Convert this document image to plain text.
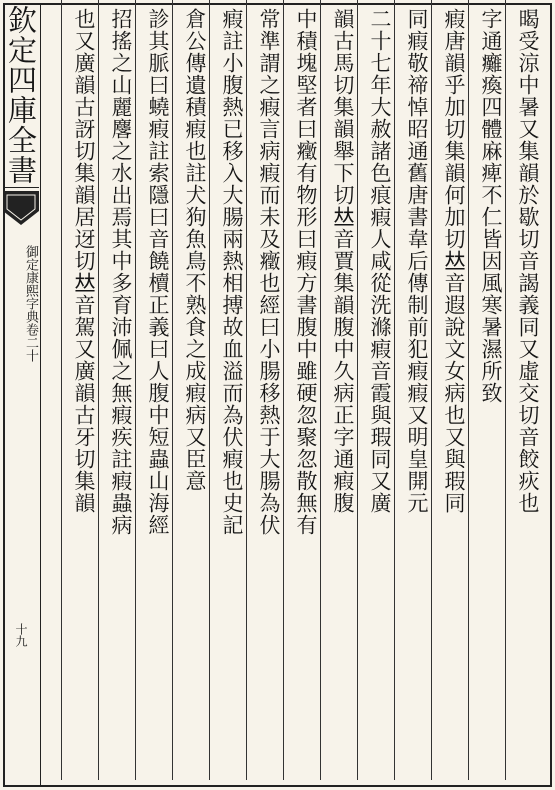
暍受涼中暑又集韻於歇切音謁義同又虛交切音餃疢也
字通癱瘓四體麻痺不仁皆因風寒暑濕所致
瘕唐韻乎加切集韻何加切𠀤音遐說文女病也又與瑕同
同瘕敬禘悼昭通舊唐書韋后傳制前犯瘕瘕又明皇開元
二十七年大赦諸色痕瘕人咸從洗滌瘕音霞與瑕同又廣
韻古馬切集韻舉下切𠀤音賈集韻腹中久病正字通瘕腹
中積塊堅者曰癥有物形曰瘕方書腹中雖硬忽聚忽散無有
常準謂之瘕言病瘕而未及癥也經曰小腸移熱于大腸為伏
瘕註小腹熱已移入大腸兩熱相搏故血溢而為伏瘕也史記
倉公傳遺積瘕也註犬狗魚鳥不熟食之成瘕病又臣意
診其脈曰蟯瘕註索隱曰音饒櫝正義曰人腹中短蟲山海經
招搖之山麗麐之水出焉其中多育沛佩之無瘕疾註瘕蟲病
也又廣韻古訝切集韻居迓切𠀤音駕又廣韻古牙切集韻
欽定四庫全書
御定康熙字典卷二十
十九
